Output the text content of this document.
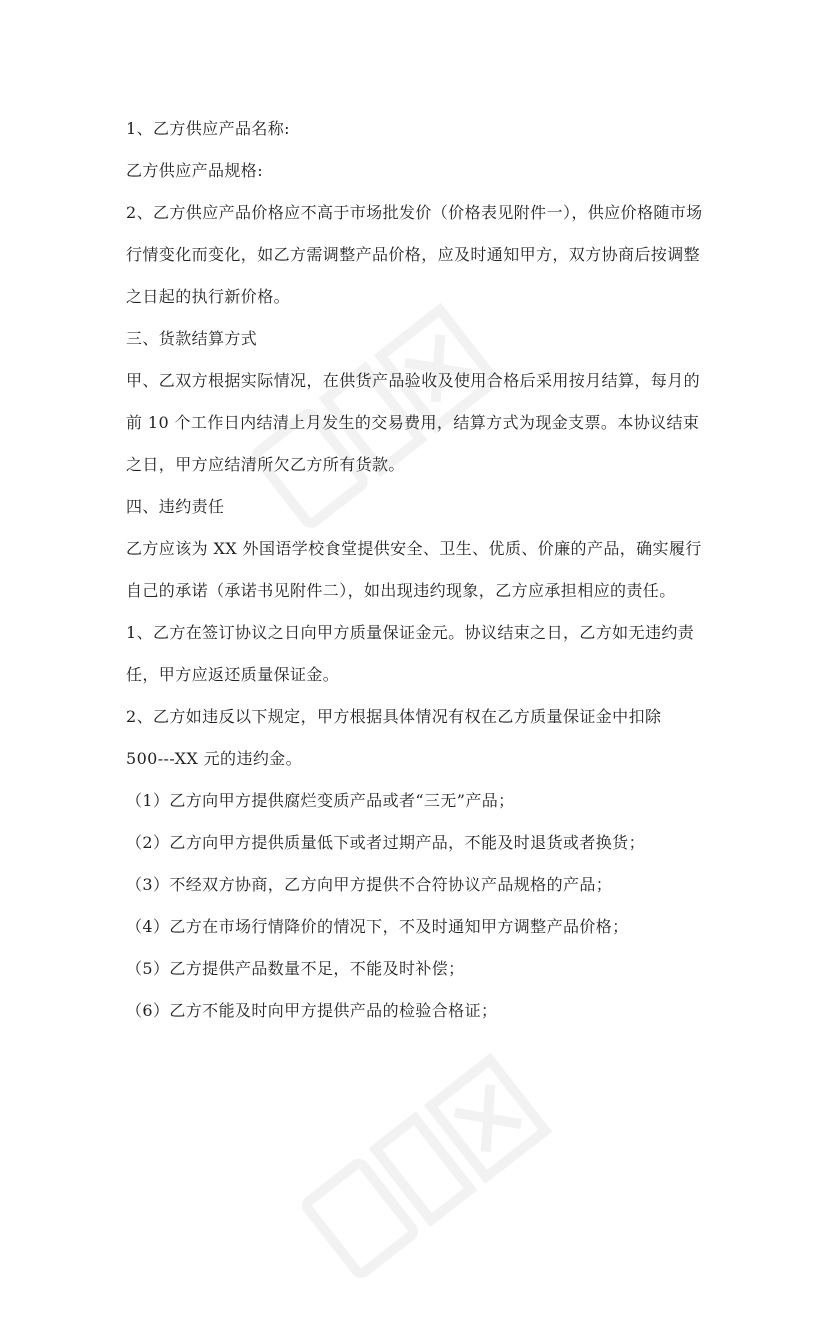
1、乙方供应产品名称:
乙方供应产品规格:
2、乙方供应产品价格应不高于市场批发价（价格表见附件一），供应价格随市场
行情变化而变化，如乙方需调整产品价格，应及时通知甲方，双方协商后按调整
之日起的执行新价格。
三、货款结算方式
甲、乙双方根据实际情况，在供货产品验收及使用合格后采用按月结算，每月的
前 10 个工作日内结清上月发生的交易费用，结算方式为现金支票。本协议结束
之日，甲方应结清所欠乙方所有货款。
四、违约责任
乙方应该为 XX 外国语学校食堂提供安全、卫生、优质、价廉的产品，确实履行
自己的承诺（承诺书见附件二），如出现违约现象，乙方应承担相应的责任。
1、乙方在签订协议之日向甲方质量保证金元。协议结束之日，乙方如无违约责
任，甲方应返还质量保证金。
2、乙方如违反以下规定，甲方根据具体情况有权在乙方质量保证金中扣除
500---XX 元的违约金。
（1）乙方向甲方提供腐烂变质产品或者“三无”产品；
（2）乙方向甲方提供质量低下或者过期产品，不能及时退货或者换货；
（3）不经双方协商，乙方向甲方提供不合符协议产品规格的产品；
（4）乙方在市场行情降价的情况下，不及时通知甲方调整产品价格；
（5）乙方提供产品数量不足，不能及时补偿；
（6）乙方不能及时向甲方提供产品的检验合格证；
